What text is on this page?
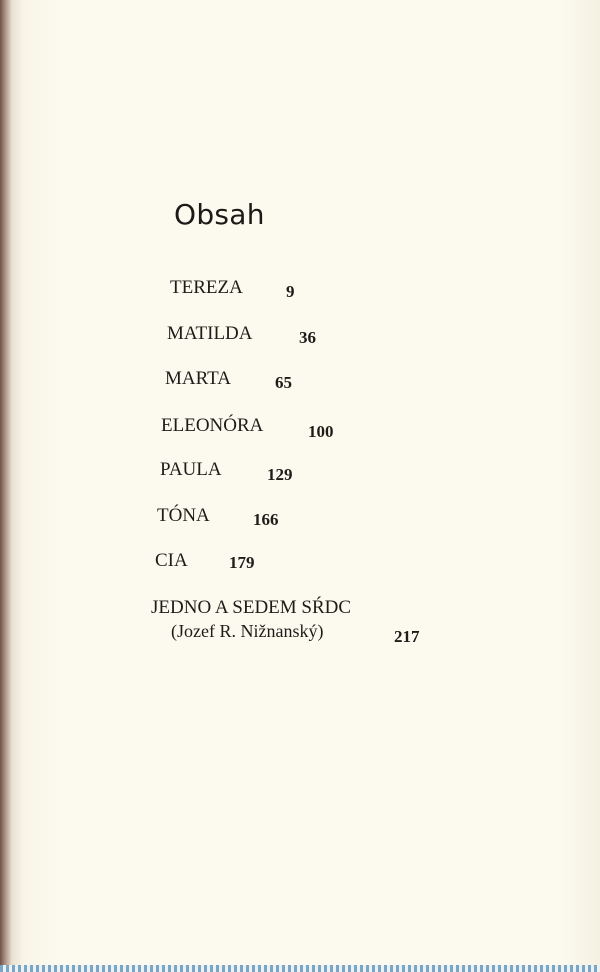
Obsah
TEREZA	9
MATILDA	36
MARTA	65
ELEONÓRA	100
PAULA	129
TÓNA	166
CIA 179
JEDNO A SEDEM SŔDC
(Jozef R. Nižnanský)	217
